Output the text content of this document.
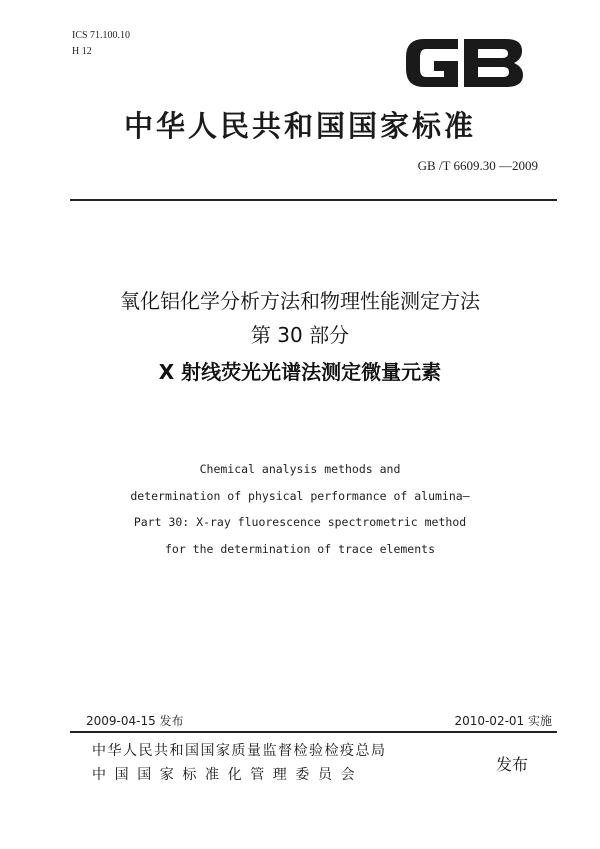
ICS 71.100.10
H 12
中华人民共和国国家标准
GB /T 6609.30 —2009
氧化铝化学分析方法和物理性能测定方法
第 30 部分
X 射线荧光光谱法测定微量元素
Chemical analysis methods and
determination of physical performance of alumina—
Part 30: X-ray fluorescence spectrometric method
for the determination of trace elements
2009-04-15 发布	2010-02-01 实施
中华人民共和国国家质量监督检验检疫总局
中国国家标准化管理委员会
发布
